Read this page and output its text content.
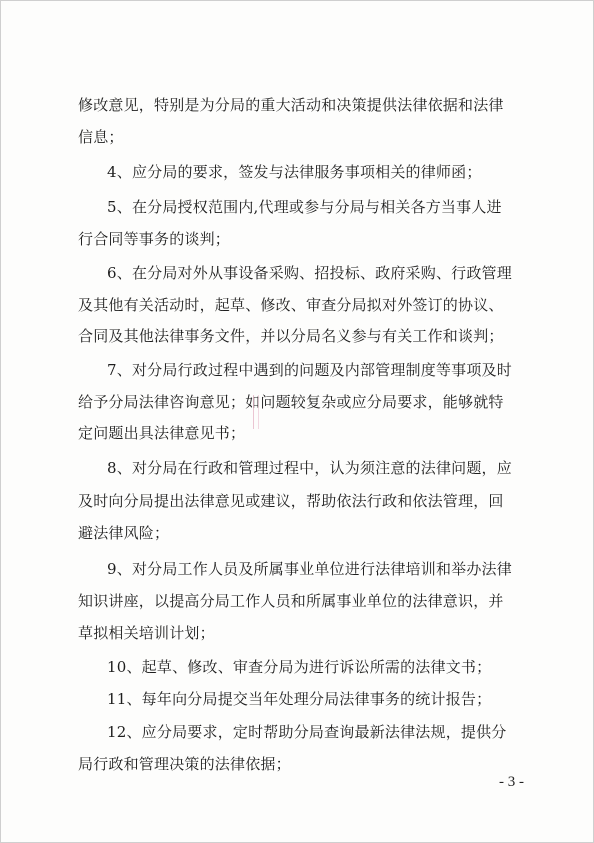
修改意见，特别是为分局的重大活动和决策提供法律依据和法律
信息；
4、应分局的要求，签发与法律服务事项相关的律师函；
5、在分局授权范围内,代理或参与分局与相关各方当事人进
行合同等事务的谈判；
6、在分局对外从事设备采购、招投标、政府采购、行政管理
及其他有关活动时，起草、修改、审查分局拟对外签订的协议、
合同及其他法律事务文件，并以分局名义参与有关工作和谈判；
7、对分局行政过程中遇到的问题及内部管理制度等事项及时
给予分局法律咨询意见；如问题较复杂或应分局要求，能够就特
定问题出具法律意见书；
8、对分局在行政和管理过程中，认为须注意的法律问题，应
及时向分局提出法律意见或建议，帮助依法行政和依法管理，回
避法律风险；
9、对分局工作人员及所属事业单位进行法律培训和举办法律
知识讲座，以提高分局工作人员和所属事业单位的法律意识，并
草拟相关培训计划；
10、起草、修改、审查分局为进行诉讼所需的法律文书；
11、每年向分局提交当年处理分局法律事务的统计报告；
12、应分局要求，定时帮助分局查询最新法律法规，提供分
局行政和管理决策的法律依据；
- 3 -
